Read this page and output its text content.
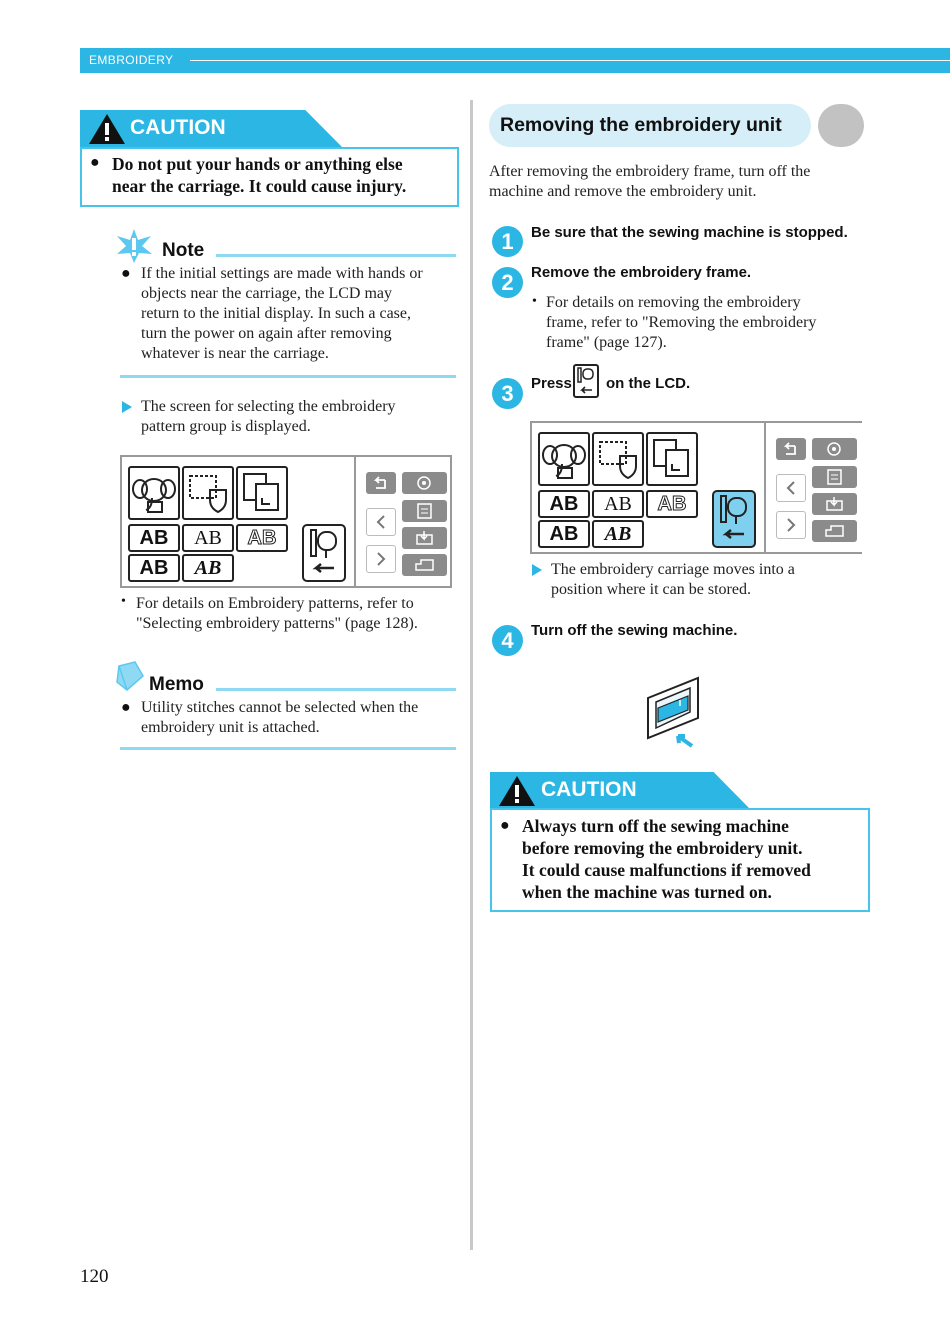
EMBROIDERY
CAUTION
● Do not put your hands or anything else
near the carriage. It could cause injury.
Note
● If the initial settings are made with hands or
objects near the carriage, the LCD may
return to the initial display. In such a case,
turn the power on again after removing
whatever is near the carriage.
The screen for selecting the embroidery
pattern group is displayed.
AB	AB	AB
AB	AB
• For details on Embroidery patterns, refer to
"Selecting embroidery patterns" (page 128).
Memo
● Utility stitches cannot be selected when the
embroidery unit is attached.
Removing the embroidery unit
After removing the embroidery frame, turn off the
machine and remove the embroidery unit.
1	Be sure that the sewing machine is stopped.
2	Remove the embroidery frame.
• For details on removing the embroidery
frame, refer to "Removing the embroidery
frame" (page 127).
3	Press on the LCD.
AB	AB	AB
AB	AB
The embroidery carriage moves into a
position where it can be stored.
4	Turn off the sewing machine.
CAUTION
● Always turn off the sewing machine
before removing the embroidery unit.
It could cause malfunctions if removed
when the machine was turned on.
120
